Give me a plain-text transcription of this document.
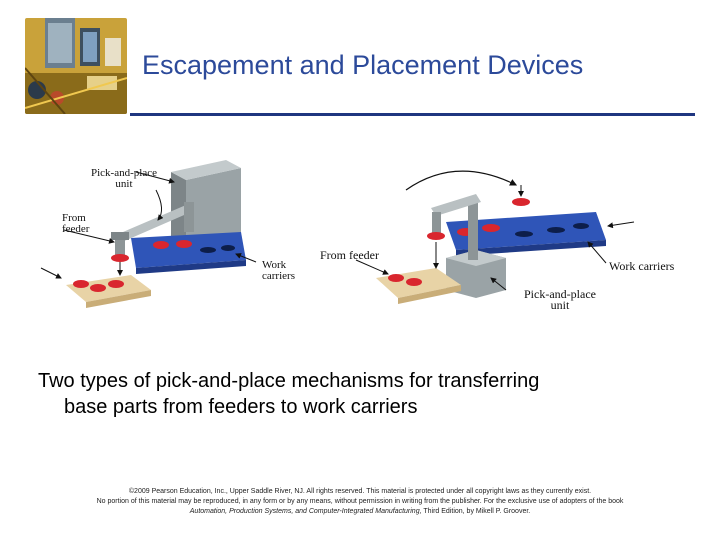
Escapement and Placement Devices
Pick-and-place
unit
From
feeder
Work
carriers
From feeder
Work carriers
Pick-and-place
unit
Two types of pick-and-place mechanisms for transferring
base parts from feeders to work carriers
©2009 Pearson Education, Inc., Upper Saddle River, NJ. All rights reserved. This material is protected under all copyright laws as they currently exist.
No portion of this material may be reproduced, in any form or by any means, without permission in writing from the publisher. For the exclusive use of adopters of the book
Automation, Production Systems, and Computer-Integrated Manufacturing, Third Edition, by Mikell P. Groover.
